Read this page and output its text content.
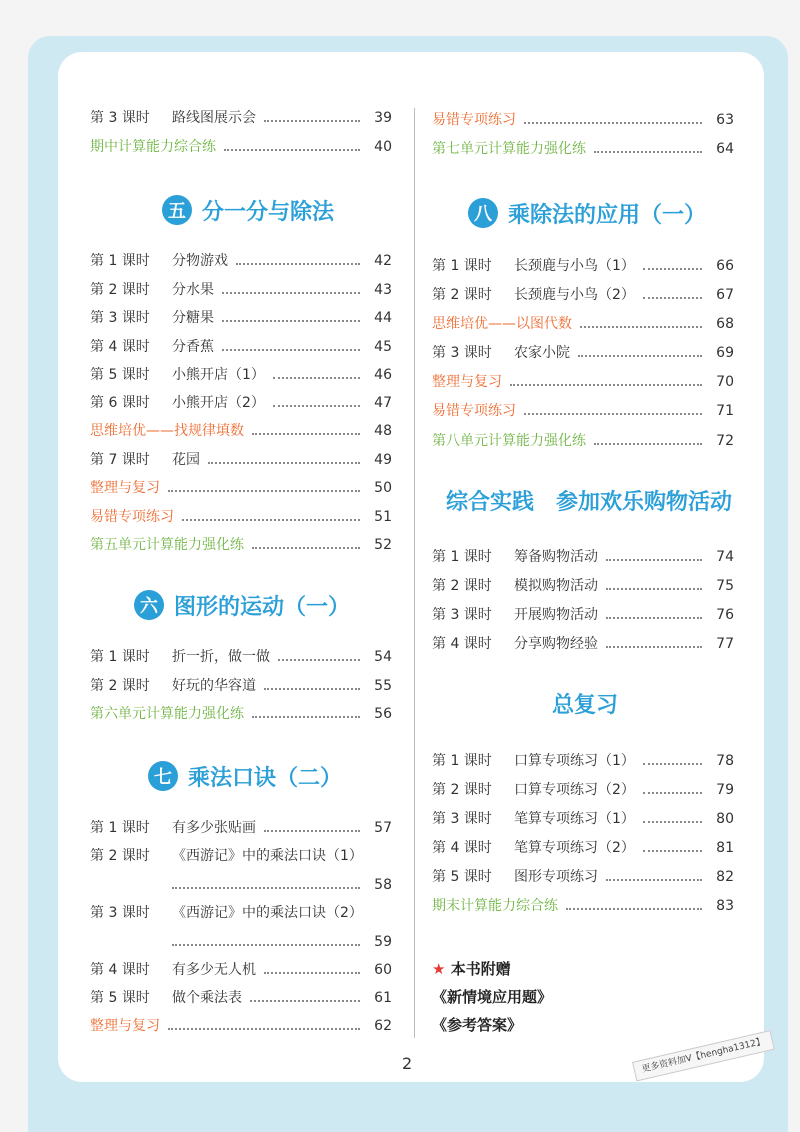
第 3 课时	路线图展示会	39
期中计算能力综合练	40
五 分一分与除法
第 1 课时	分物游戏	42
第 2 课时	分水果	43
第 3 课时	分糖果	44
第 4 课时	分香蕉	45
第 5 课时	小熊开店（1）	46
第 6 课时	小熊开店（2）	47
思维培优——找规律填数	48
第 7 课时	花园	49
整理与复习	50
易错专项练习	51
第五单元计算能力强化练	52
六 图形的运动（一）
第 1 课时	折一折，做一做	54
第 2 课时	好玩的华容道	55
第六单元计算能力强化练	56
七 乘法口诀（二）
第 1 课时	有多少张贴画	57
第 2 课时	《西游记》中的乘法口诀（1）
58
第 3 课时	《西游记》中的乘法口诀（2）
59
第 4 课时	有多少无人机	60
第 5 课时	做个乘法表	61
整理与复习	62
易错专项练习	63
第七单元计算能力强化练	64
八 乘除法的应用（一）
第 1 课时	长颈鹿与小鸟（1）	66
第 2 课时	长颈鹿与小鸟（2）	67
思维培优——以图代数	68
第 3 课时	农家小院	69
整理与复习	70
易错专项练习	71
第八单元计算能力强化练	72
综合实践　参加欢乐购物活动
第 1 课时	筹备购物活动	74
第 2 课时	模拟购物活动	75
第 3 课时	开展购物活动	76
第 4 课时	分享购物经验	77
总复习
第 1 课时	口算专项练习（1）	78
第 2 课时	口算专项练习（2）	79
第 3 课时	笔算专项练习（1）	80
第 4 课时	笔算专项练习（2）	81
第 5 课时	图形专项练习	82
期末计算能力综合练	83
★ 本书附赠
《新情境应用题》
《参考答案》
2	更多资料加V【hengha1312】
